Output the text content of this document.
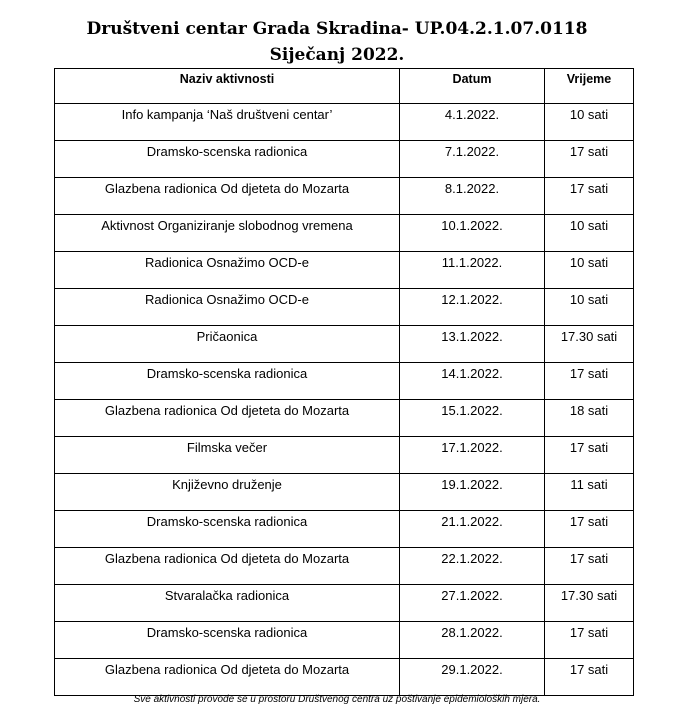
Društveni centar Grada Skradina- UP.04.2.1.07.0118
Siječanj 2022.
Naziv aktivnosti	Datum	Vrijeme
Info kampanja ‘Naš društveni centar’	4.1.2022.	10 sati
Dramsko-scenska radionica	7.1.2022.	17 sati
Glazbena radionica Od djeteta do Mozarta	8.1.2022.	17 sati
Aktivnost Organiziranje slobodnog vremena	10.1.2022.	10 sati
Radionica Osnažimo OCD-e	11.1.2022.	10 sati
Radionica Osnažimo OCD-e	12.1.2022.	10 sati
Pričaonica	13.1.2022.	17.30 sati
Dramsko-scenska radionica	14.1.2022.	17 sati
Glazbena radionica Od djeteta do Mozarta	15.1.2022.	18 sati
Filmska večer	17.1.2022.	17 sati
Književno druženje	19.1.2022.	11 sati
Dramsko-scenska radionica	21.1.2022.	17 sati
Glazbena radionica Od djeteta do Mozarta	22.1.2022.	17 sati
Stvaralačka radionica	27.1.2022.	17.30 sati
Dramsko-scenska radionica	28.1.2022.	17 sati
Glazbena radionica Od djeteta do Mozarta	29.1.2022.	17 sati
Sve aktivnosti provode se u prostoru Društvenog centra uz poštivanje epidemioloških mjera.
